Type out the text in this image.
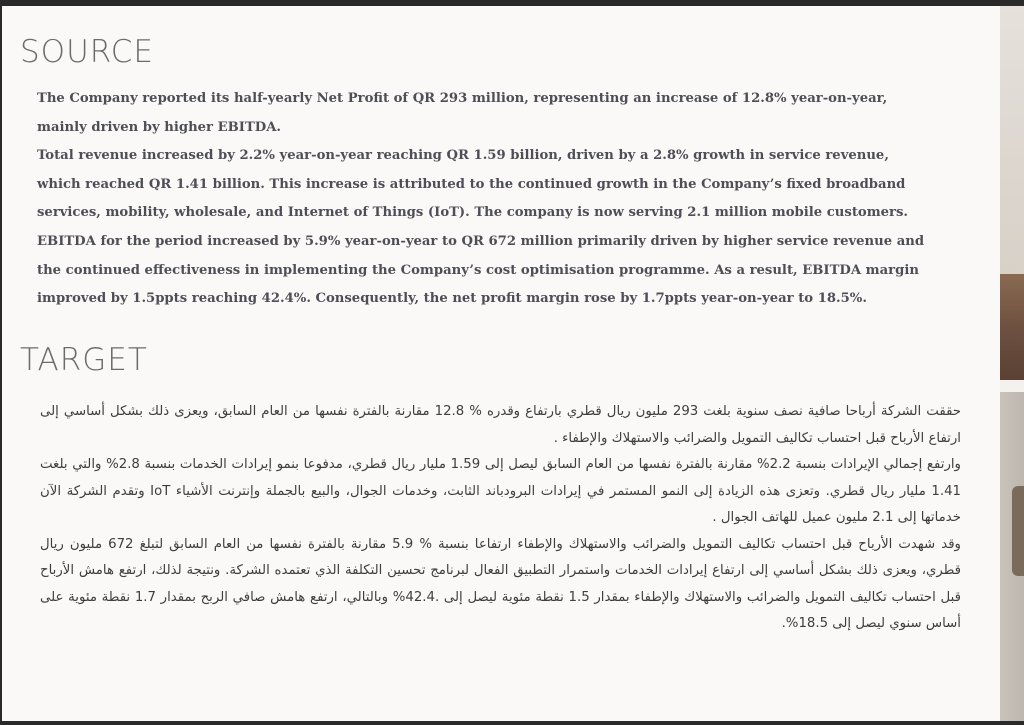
SOURCE

The Company reported its half-yearly Net Profit of QR 293 million, representing an increase of 12.8% year-on-year, mainly driven by higher EBITDA.

Total revenue increased by 2.2% year-on-year reaching QR 1.59 billion, driven by a 2.8% growth in service revenue, which reached QR 1.41 billion. This increase is attributed to the continued growth in the Company’s fixed broadband services, mobility, wholesale, and Internet of Things (IoT). The company is now serving 2.1 million mobile customers.

EBITDA for the period increased by 5.9% year-on-year to QR 672 million primarily driven by higher service revenue and the continued effectiveness in implementing the Company’s cost optimisation programme. As a result, EBITDA margin improved by 1.5ppts reaching 42.4%. Consequently, the net profit margin rose by 1.7ppts year-on-year to 18.5%.

TARGET

حققت الشركة أرباحا صافية نصف سنوية بلغت 293 مليون ريال قطري بارتفاع وقدره % 12.8 مقارنة بالفترة نفسها من العام السابق، ويعزى ذلك بشكل أساسي إلى ارتفاع الأرباح قبل احتساب تكاليف التمويل والضرائب والاستهلاك والإطفاء .

وارتفع إجمالي الإيرادات بنسبة 2.2% مقارنة بالفترة نفسها من العام السابق ليصل إلى 1.59 مليار ريال قطري، مدفوعا بنمو إيرادات الخدمات بنسبة 2.8% والتي بلغت 1.41 مليار ريال قطري. وتعزى هذه الزيادة إلى النمو المستمر في إيرادات البرودباند الثابت، وخدمات الجوال، والبيع بالجملة وإنترنت الأشياء IoT وتقدم الشركة الآن خدماتها إلى 2.1 مليون عميل للهاتف الجوال .

وقد شهدت الأرباح قبل احتساب تكاليف التمويل والضرائب والاستهلاك والإطفاء ارتفاعا بنسبة % 5.9 مقارنة بالفترة نفسها من العام السابق لتبلغ 672 مليون ريال قطري، ويعزى ذلك بشكل أساسي إلى ارتفاع إيرادات الخدمات واستمرار التطبيق الفعال لبرنامج تحسين التكلفة الذي تعتمده الشركة. ونتيجة لذلك، ارتفع هامش الأرباح قبل احتساب تكاليف التمويل والضرائب والاستهلاك والإطفاء بمقدار 1.5 نقطة مئوية ليصل إلى .42.4% وبالتالي، ارتفع هامش صافي الربح بمقدار 1.7 نقطة مئوية على أساس سنوي ليصل إلى 18.5%.
